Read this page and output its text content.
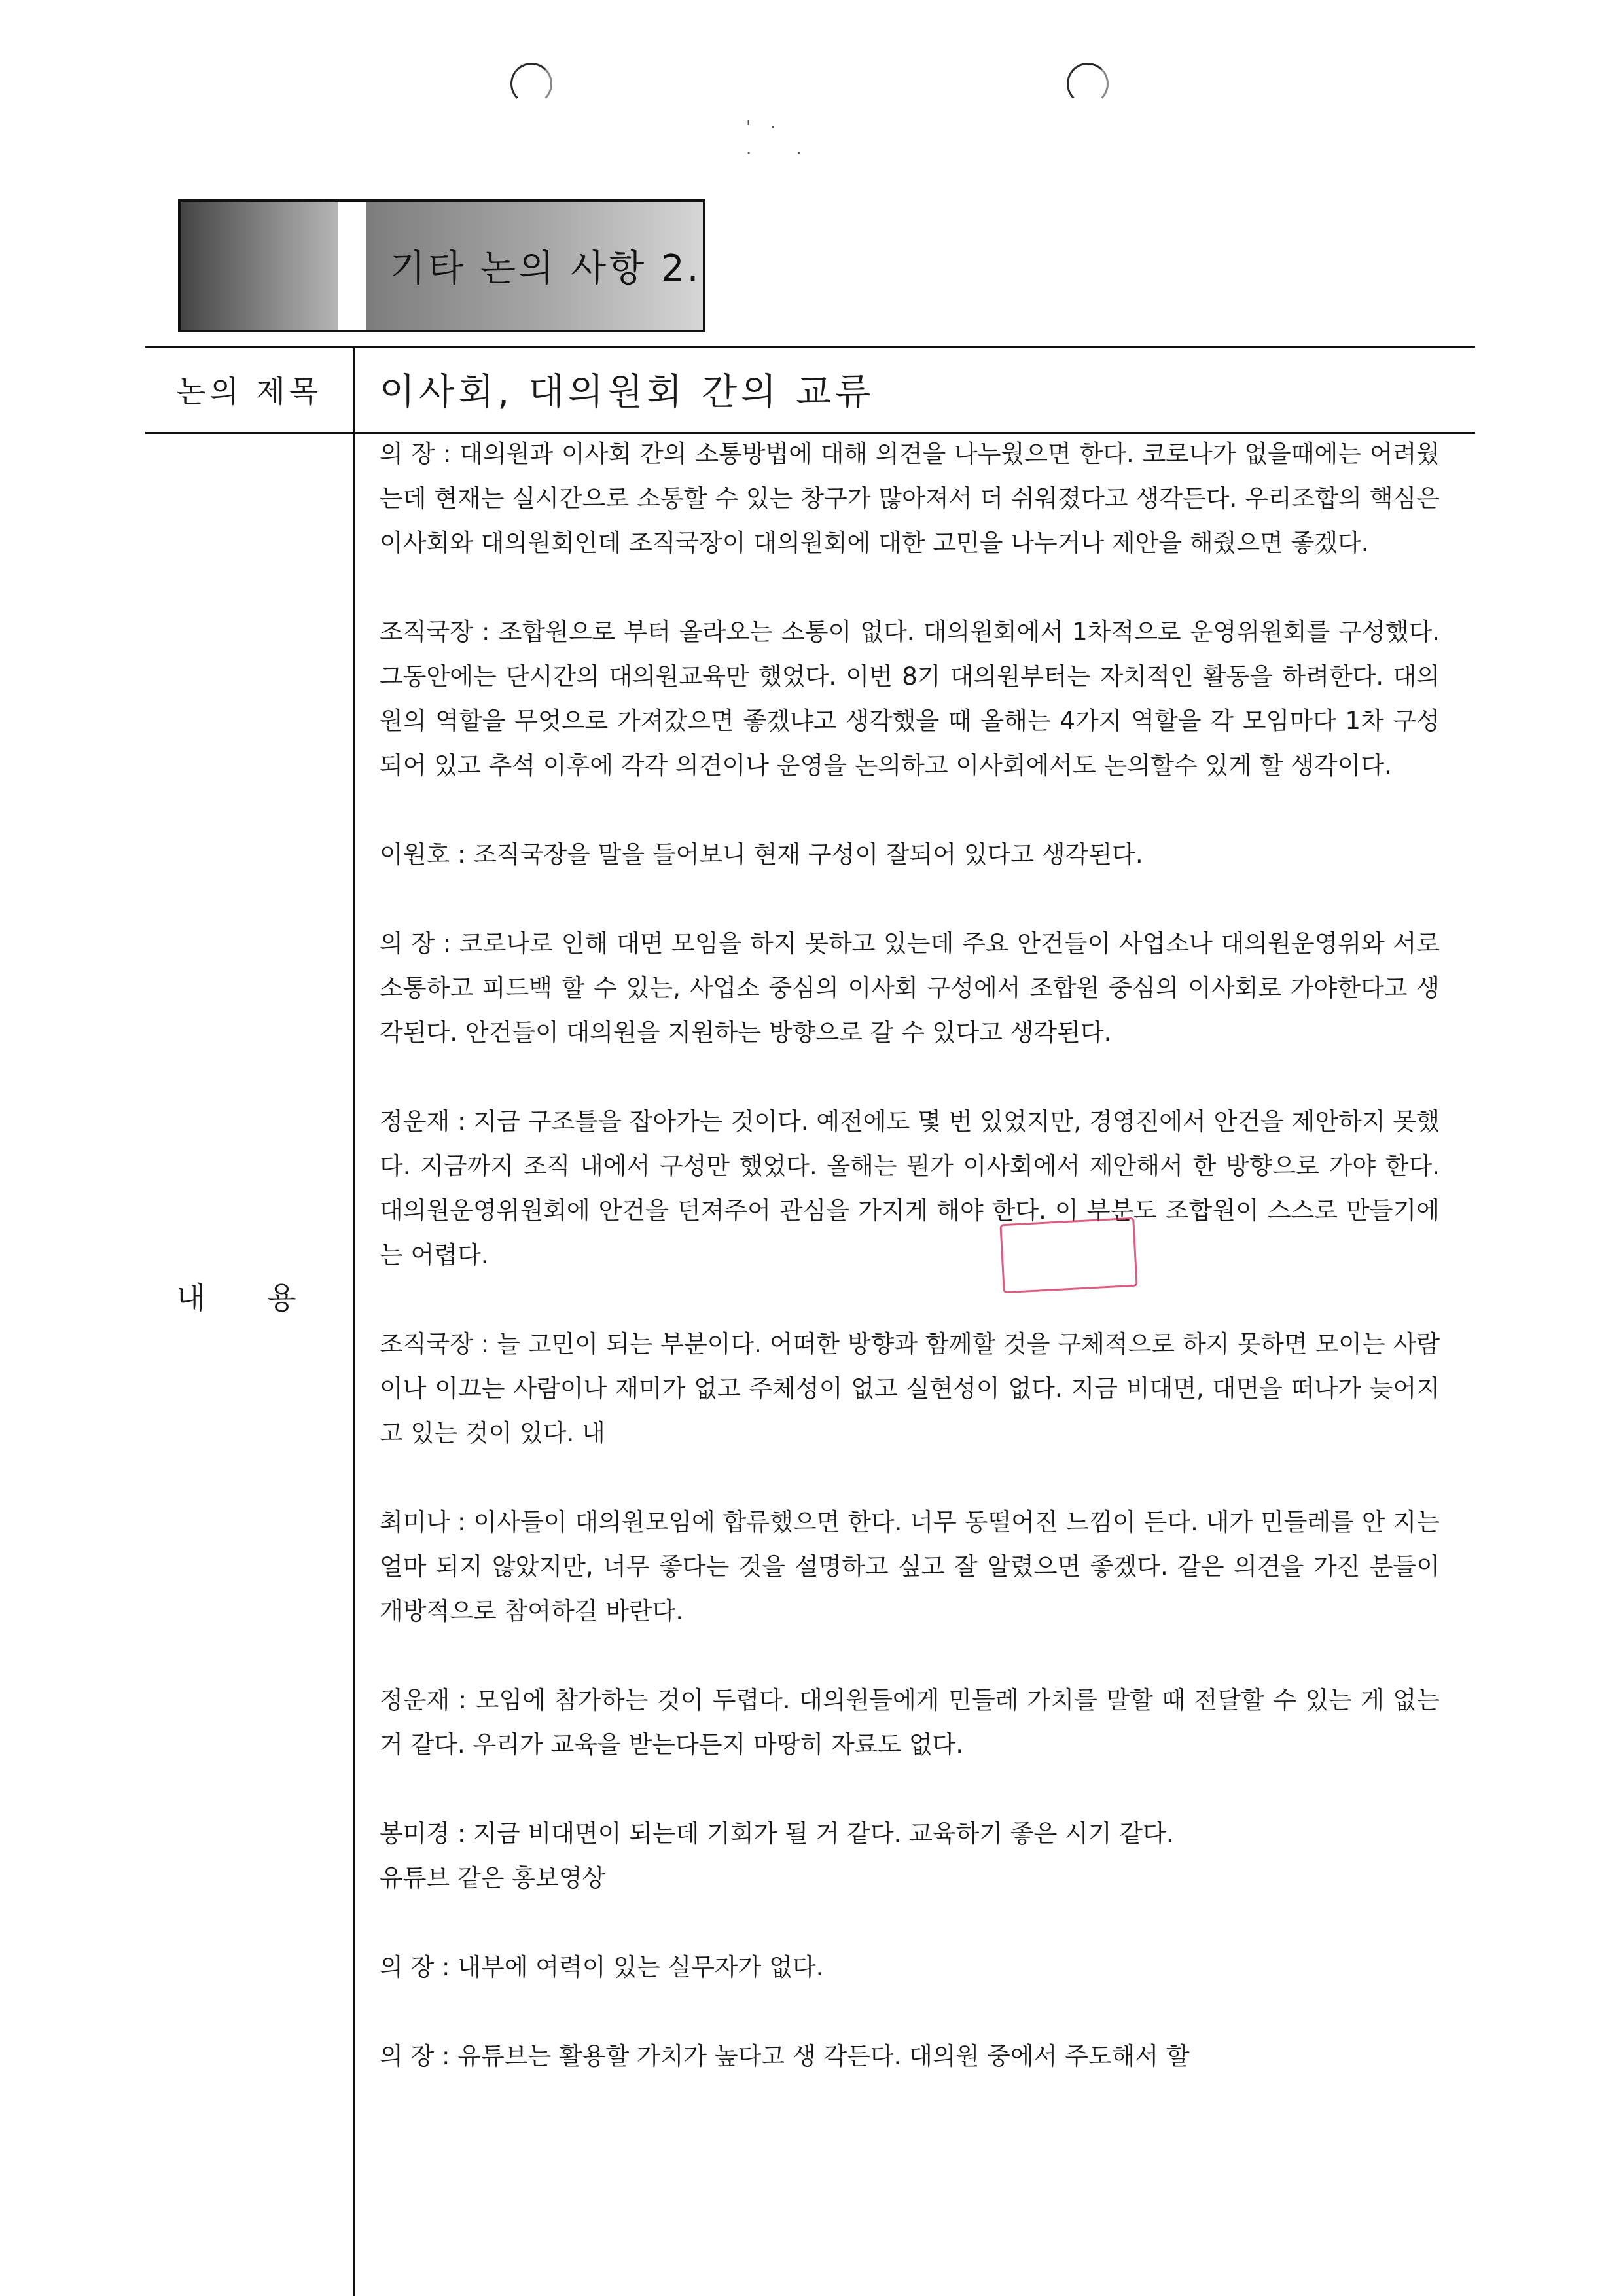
'·
· ·
기타 논의 사항 2.
논의 제목	이사회, 대의원회 간의 교류
내 용

의 장 : 대의원과 이사회 간의 소통방법에 대해 의견을 나누웠으면 한다. 코로나가 없을때에는 어려웠는데 현재는 실시간으로 소통할 수 있는 창구가 많아져서 더 쉬워졌다고 생각든다. 우리조합의 핵심은 이사회와 대의원회인데 조직국장이 대의원회에 대한 고민을 나누거나 제안을 해줬으면 좋겠다.

조직국장 : 조합원으로 부터 올라오는 소통이 없다. 대의원회에서 1차적으로 운영위원회를 구성했다. 그동안에는 단시간의 대의원교육만 했었다. 이번 8기 대의원부터는 자치적인 활동을 하려한다. 대의원의 역할을 무엇으로 가져갔으면 좋겠냐고 생각했을 때 올해는 4가지 역할을 각 모임마다 1차 구성되어 있고 추석 이후에 각각 의견이나 운영을 논의하고 이사회에서도 논의할수 있게 할 생각이다.

이원호 : 조직국장을 말을 들어보니 현재 구성이 잘되어 있다고 생각된다.

의 장 : 코로나로 인해 대면 모임을 하지 못하고 있는데 주요 안건들이 사업소나 대의원운영위와 서로 소통하고 피드백 할 수 있는, 사업소 중심의 이사회 구성에서 조합원 중심의 이사회로 가야한다고 생각된다. 안건들이 대의원을 지원하는 방향으로 갈 수 있다고 생각된다.

정운재 : 지금 구조틀을 잡아가는 것이다. 예전에도 몇 번 있었지만, 경영진에서 안건을 제안하지 못했다. 지금까지 조직 내에서 구성만 했었다. 올해는 뭔가 이사회에서 제안해서 한 방향으로 가야 한다. 대의원운영위원회에 안건을 던져주어 관심을 가지게 해야 한다. 이 부분도 조합원이 스스로 만들기에는 어렵다.

조직국장 : 늘 고민이 되는 부분이다. 어떠한 방향과 함께할 것을 구체적으로 하지 못하면 모이는 사람이나 이끄는 사람이나 재미가 없고 주체성이 없고 실현성이 없다. 지금 비대면, 대면을 떠나가 늦어지고 있는 것이 있다. 내

최미나 : 이사들이 대의원모임에 합류했으면 한다. 너무 동떨어진 느낌이 든다. 내가 민들레를 안 지는 얼마 되지 않았지만, 너무 좋다는 것을 설명하고 싶고 잘 알렸으면 좋겠다. 같은 의견을 가진 분들이 개방적으로 참여하길 바란다.

정운재 : 모임에 참가하는 것이 두렵다. 대의원들에게 민들레 가치를 말할 때 전달할 수 있는 게 없는 거 같다. 우리가 교육을 받는다든지 마땅히 자료도 없다.

봉미경 : 지금 비대면이 되는데 기회가 될 거 같다. 교육하기 좋은 시기 같다.

유튜브 같은 홍보영상

의 장 : 내부에 여력이 있는 실무자가 없다.

의 장 : 유튜브는 활용할 가치가 높다고 생 각든다. 대의원 중에서 주도해서 할
